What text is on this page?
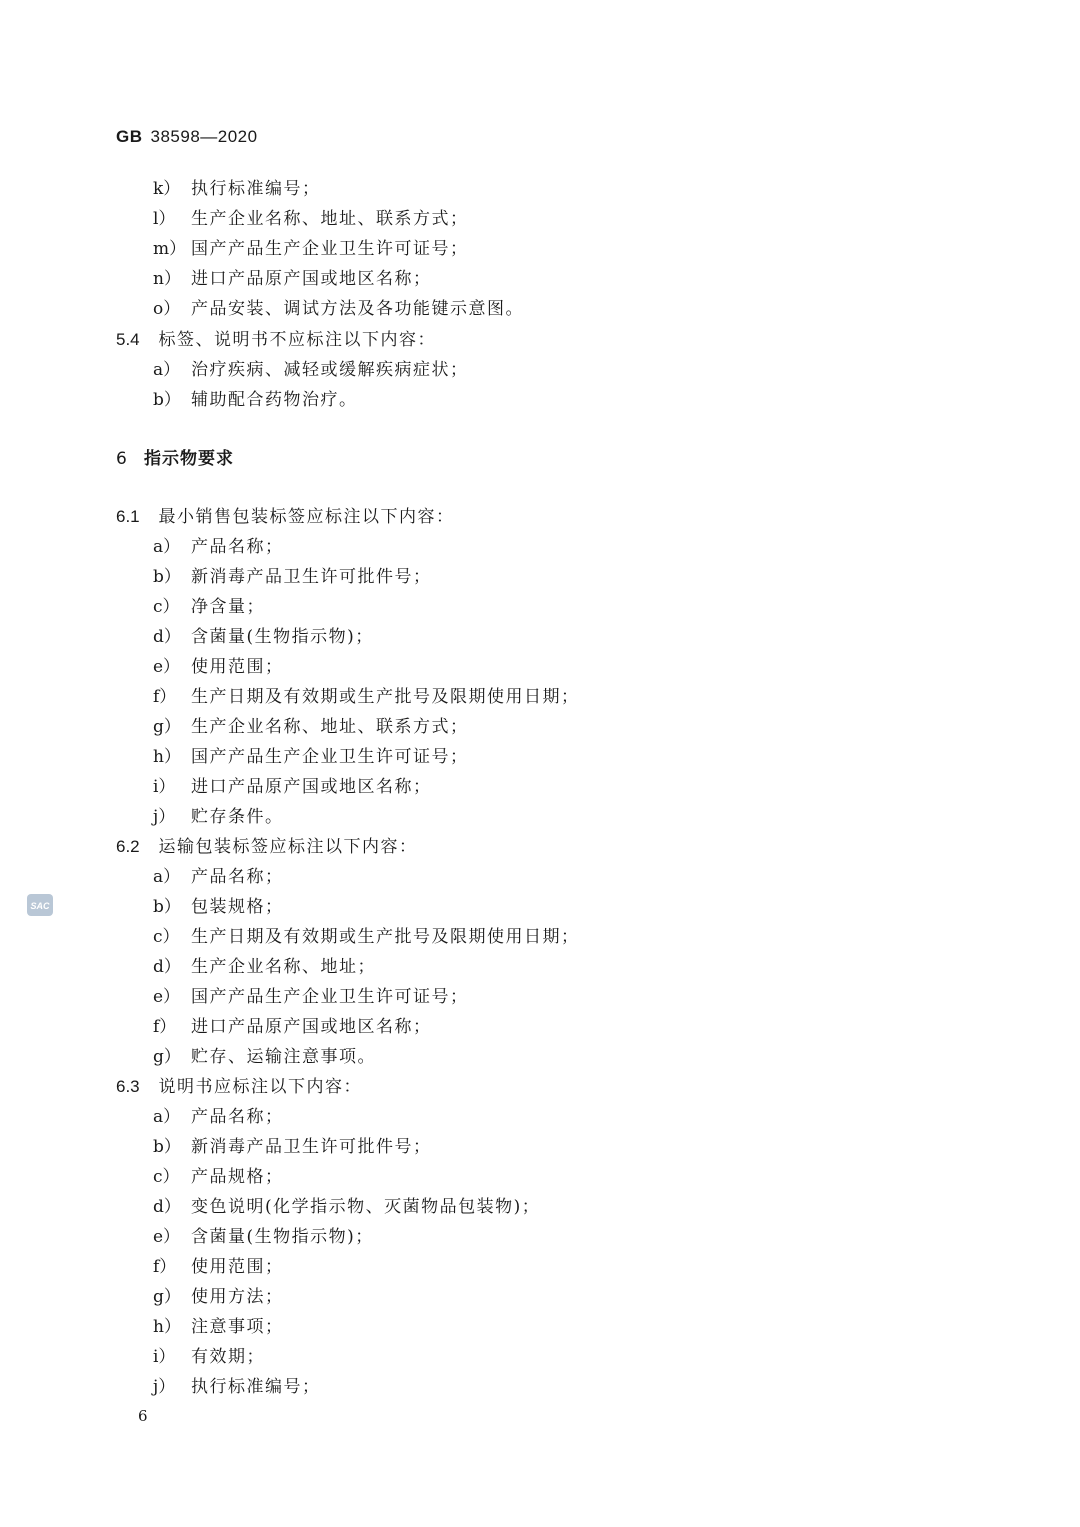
GB 38598—2020
k） 执行标准编号；
l） 生产企业名称、地址、联系方式；
m） 国产产品生产企业卫生许可证号；
n） 进口产品原产国或地区名称；
o） 产品安装、调试方法及各功能键示意图。
a） 治疗疾病、减轻或缓解疾病症状；
b） 辅助配合药物治疗。
a） 产品名称；
b） 新消毒产品卫生许可批件号；
c） 净含量；
d） 含菌量(生物指示物)；
e） 使用范围；
f） 生产日期及有效期或生产批号及限期使用日期；
g） 生产企业名称、地址、联系方式；
h） 国产产品生产企业卫生许可证号；
i） 进口产品原产国或地区名称；
j） 贮存条件。
a） 产品名称；
b） 包装规格；
c） 生产日期及有效期或生产批号及限期使用日期；
d） 生产企业名称、地址；
e） 国产产品生产企业卫生许可证号；
f） 进口产品原产国或地区名称；
g） 贮存、运输注意事项。
a） 产品名称；
b） 新消毒产品卫生许可批件号；
c） 产品规格；
d） 变色说明(化学指示物、灭菌物品包装物)；
e） 含菌量(生物指示物)；
f） 使用范围；
g） 使用方法；
h） 注意事项；
i） 有效期；
j） 执行标准编号；
5.4 标签、说明书不应标注以下内容：
6 指示物要求
6.1 最小销售包装标签应标注以下内容：
6.2 运输包装标签应标注以下内容：
6.3 说明书应标注以下内容：
SAC
6
